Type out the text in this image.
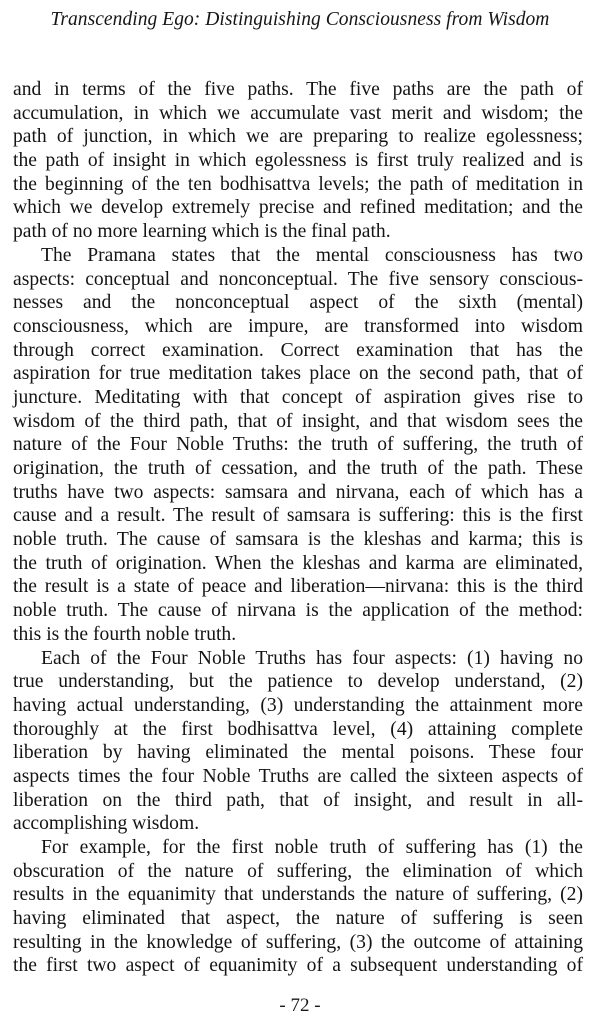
Transcending Ego: Distinguishing Consciousness from Wisdom
and in terms of the five paths. The five paths are the path of
accumulation, in which we accumulate vast merit and wisdom; the
path of junction, in which we are preparing to realize egolessness;
the path of insight in which egolessness is first truly realized and is
the beginning of the ten bodhisattva levels; the path of meditation in
which we develop extremely precise and refined meditation; and the
path of no more learning which is the final path.
The Pramana states that the mental consciousness has two
aspects: conceptual and nonconceptual. The five sensory conscious-
nesses and the nonconceptual aspect of the sixth (mental)
consciousness, which are impure, are transformed into wisdom
through correct examination. Correct examination that has the
aspiration for true meditation takes place on the second path, that of
juncture. Meditating with that concept of aspiration gives rise to
wisdom of the third path, that of insight, and that wisdom sees the
nature of the Four Noble Truths: the truth of suffering, the truth of
origination, the truth of cessation, and the truth of the path. These
truths have two aspects: samsara and nirvana, each of which has a
cause and a result. The result of samsara is suffering: this is the first
noble truth. The cause of samsara is the kleshas and karma; this is
the truth of origination. When the kleshas and karma are eliminated,
the result is a state of peace and liberation—nirvana: this is the third
noble truth. The cause of nirvana is the application of the method:
this is the fourth noble truth.
Each of the Four Noble Truths has four aspects: (1) having no
true understanding, but the patience to develop understand, (2)
having actual understanding, (3) understanding the attainment more
thoroughly at the first bodhisattva level, (4) attaining complete
liberation by having eliminated the mental poisons. These four
aspects times the four Noble Truths are called the sixteen aspects of
liberation on the third path, that of insight, and result in all-
accomplishing wisdom.
For example, for the first noble truth of suffering has (1) the
obscuration of the nature of suffering, the elimination of which
results in the equanimity that understands the nature of suffering, (2)
having eliminated that aspect, the nature of suffering is seen
resulting in the knowledge of suffering, (3) the outcome of attaining
the first two aspect of equanimity of a subsequent understanding of
- 72 -
